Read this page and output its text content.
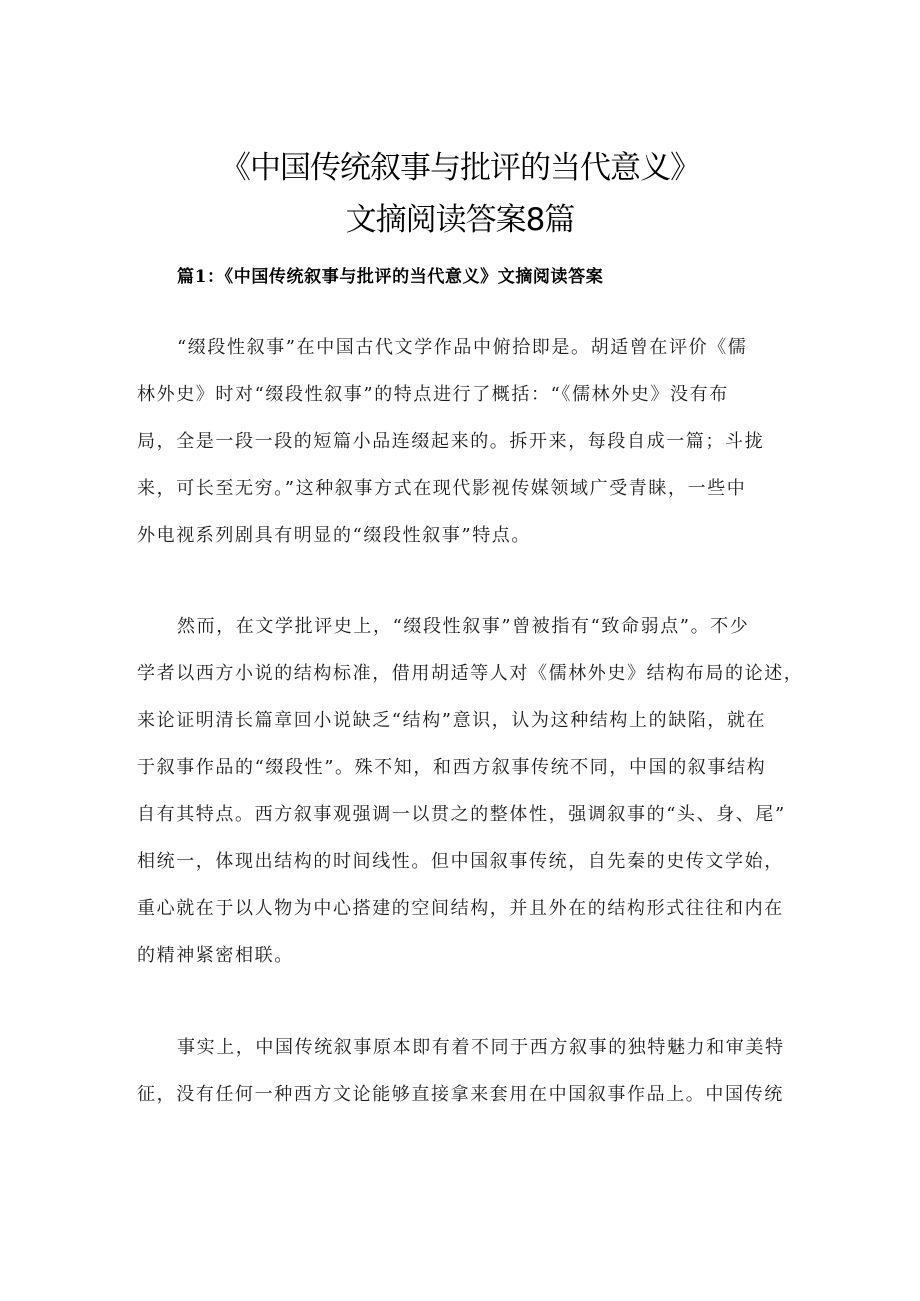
《中国传统叙事与批评的当代意义》
文摘阅读答案8篇
篇1：《中国传统叙事与批评的当代意义》文摘阅读答案
“缀段性叙事”在中国古代文学作品中俯拾即是。胡适曾在评价《儒
林外史》时对“缀段性叙事”的特点进行了概括：“《儒林外史》没有布
局，全是一段一段的短篇小品连缀起来的。拆开来，每段自成一篇；斗拢
来，可长至无穷。”这种叙事方式在现代影视传媒领域广受青睐，一些中
外电视系列剧具有明显的“缀段性叙事”特点。
然而，在文学批评史上，“缀段性叙事”曾被指有“致命弱点”。不少
学者以西方小说的结构标准，借用胡适等人对《儒林外史》结构布局的论述，
来论证明清长篇章回小说缺乏“结构”意识，认为这种结构上的缺陷，就在
于叙事作品的“缀段性”。殊不知，和西方叙事传统不同，中国的叙事结构
自有其特点。西方叙事观强调一以贯之的整体性，强调叙事的“头、身、尾”
相统一，体现出结构的时间线性。但中国叙事传统，自先秦的史传文学始，
重心就在于以人物为中心搭建的空间结构，并且外在的结构形式往往和内在
的精神紧密相联。
事实上，中国传统叙事原本即有着不同于西方叙事的独特魅力和审美特
征，没有任何一种西方文论能够直接拿来套用在中国叙事作品上。中国传统
